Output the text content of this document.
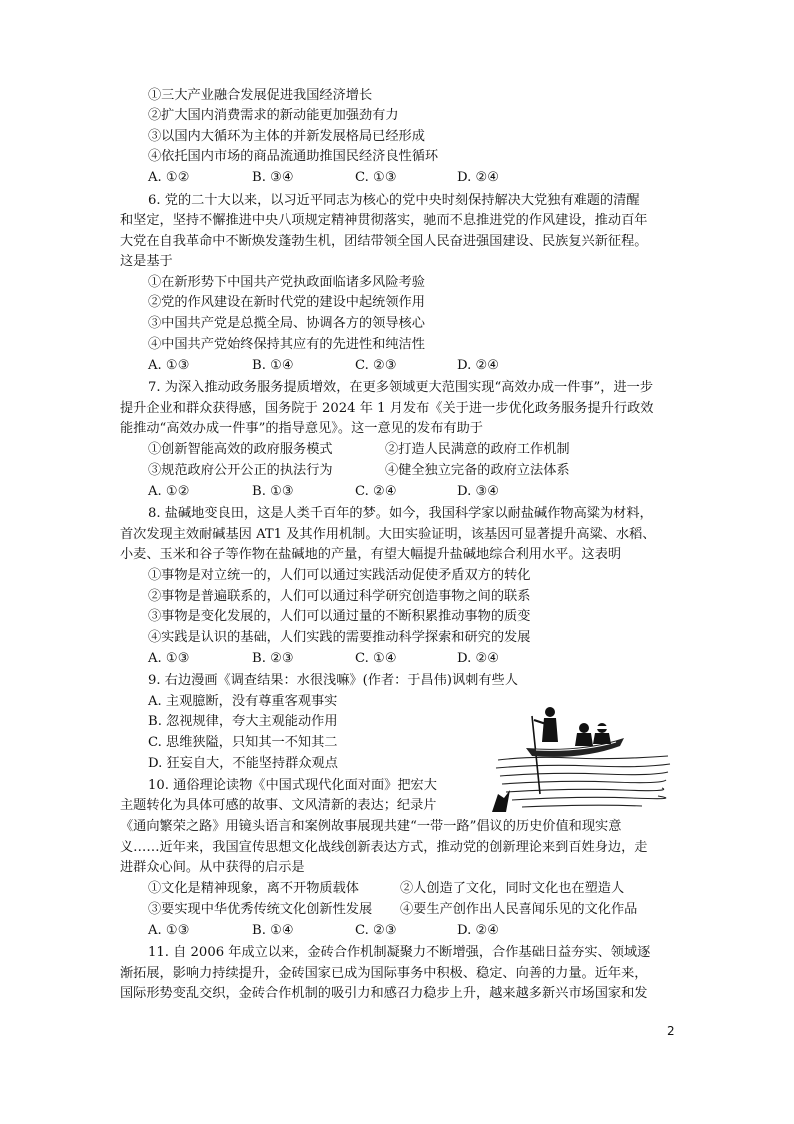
①三大产业融合发展促进我国经济增长
②扩大国内消费需求的新动能更加强劲有力
③以国内大循环为主体的并新发展格局已经形成
④依托国内市场的商品流通助推国民经济良性循环
6. 党的二十大以来，以习近平同志为核心的党中央时刻保持解决大党独有难题的清醒
和坚定，坚持不懈推进中央八项规定精神贯彻落实，驰而不息推进党的作风建设，推动百年
大党在自我革命中不断焕发蓬勃生机，团结带领全国人民奋进强国建设、民族复兴新征程。
这是基于
①在新形势下中国共产党执政面临诸多风险考验
②党的作风建设在新时代党的建设中起统领作用
③中国共产党是总揽全局、协调各方的领导核心
④中国共产党始终保持其应有的先进性和纯洁性
7. 为深入推动政务服务提质增效，在更多领域更大范围实现“高效办成一件事”，进一步
提升企业和群众获得感，国务院于 2024 年 1 月发布《关于进一步优化政务服务提升行政效
能推动“高效办成一件事”的指导意见》。这一意见的发布有助于
①创新智能高效的政府服务模式	②打造人民满意的政府工作机制
③规范政府公开公正的执法行为	④健全独立完备的政府立法体系
8. 盐碱地变良田，这是人类千百年的梦。如今，我国科学家以耐盐碱作物高粱为材料，
首次发现主效耐碱基因 AT1 及其作用机制。大田实验证明，该基因可显著提升高粱、水稻、
小麦、玉米和谷子等作物在盐碱地的产量，有望大幅提升盐碱地综合利用水平。这表明
①事物是对立统一的，人们可以通过实践活动促使矛盾双方的转化
②事物是普遍联系的，人们可以通过科学研究创造事物之间的联系
③事物是变化发展的，人们可以通过量的不断积累推动事物的质变
④实践是认识的基础，人们实践的需要推动科学探索和研究的发展
9. 右边漫画《调查结果：水很浅嘛》(作者：于昌伟)讽刺有些人
A. 主观臆断，没有尊重客观事实
B. 忽视规律，夸大主观能动作用
C. 思维狭隘，只知其一不知其二
D. 狂妄自大，不能坚持群众观点
10. 通俗理论读物《中国式现代化面对面》把宏大
主题转化为具体可感的故事、文风清新的表达；纪录片
《通向繁荣之路》用镜头语言和案例故事展现共建“一带一路”倡议的历史价值和现实意
义……近年来，我国宣传思想文化战线创新表达方式，推动党的创新理论来到百姓身边，走
进群众心间。从中获得的启示是
①文化是精神现象，离不开物质载体	②人创造了文化，同时文化也在塑造人
③要实现中华优秀传统文化创新性发展 ④要生产创作出人民喜闻乐见的文化作品
11. 自 2006 年成立以来，金砖合作机制凝聚力不断增强，合作基础日益夯实、领域逐
渐拓展，影响力持续提升，金砖国家已成为国际事务中积极、稳定、向善的力量。近年来，
国际形势变乱交织，金砖合作机制的吸引力和感召力稳步上升，越来越多新兴市场国家和发
A. ①②	B. ③④	C. ①③	D. ②④
A. ①③	B. ①④	C. ②③	D. ②④
A. ①②	B. ①③	C. ②④	D. ③④
A. ①③	B. ②③	C. ①④	D. ②④
A. ①③	B. ①④	C. ②③	D. ②④
2
